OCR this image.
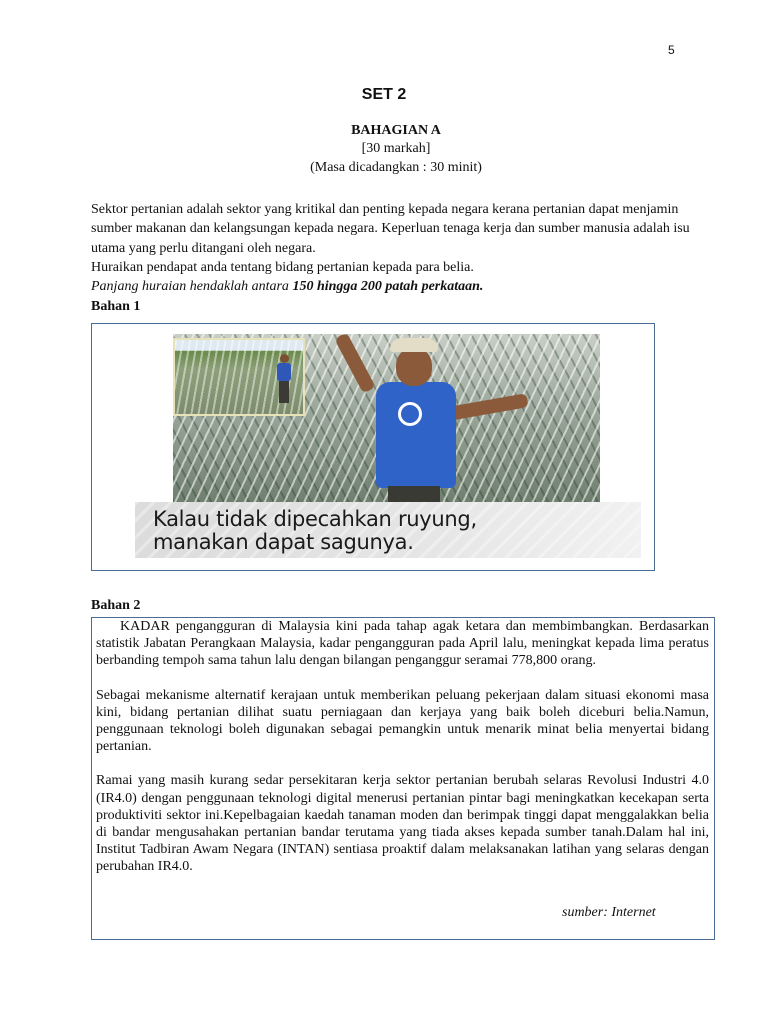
5
SET 2
BAHAGIAN A
[30 markah]
(Masa dicadangkan : 30 minit)

Sektor pertanian adalah sektor yang kritikal dan penting kepada negara kerana pertanian dapat menjamin sumber makanan dan kelangsungan kepada negara. Keperluan tenaga kerja dan sumber manusia adalah isu utama yang perlu ditangani oleh negara.

Huraikan pendapat anda tentang bidang pertanian kepada para belia.

Panjang huraian hendaklah antara 150 hingga 200 patah perkataan.

Bahan 1
Kalau tidak dipecahkan ruyung,
manakan dapat sagunya.
Bahan 2

KADAR pengangguran di Malaysia kini pada tahap agak ketara dan membimbangkan. Berdasarkan statistik Jabatan Perangkaan Malaysia, kadar pengangguran pada April lalu, meningkat kepada lima peratus berbanding tempoh sama tahun lalu dengan bilangan penganggur seramai 778,800 orang.

Sebagai mekanisme alternatif kerajaan untuk memberikan peluang pekerjaan dalam situasi ekonomi masa kini, bidang pertanian dilihat suatu perniagaan dan kerjaya yang baik boleh diceburi belia.Namun, penggunaan teknologi boleh digunakan sebagai pemangkin untuk menarik minat belia menyertai bidang pertanian.

Ramai yang masih kurang sedar persekitaran kerja sektor pertanian berubah selaras Revolusi Industri 4.0 (IR4.0) dengan penggunaan teknologi digital menerusi pertanian pintar bagi meningkatkan kecekapan serta produktiviti sektor ini.Kepelbagaian kaedah tanaman moden dan berimpak tinggi dapat menggalakkan belia di bandar mengusahakan pertanian bandar terutama yang tiada akses kepada sumber tanah.Dalam hal ini, Institut Tadbiran Awam Negara (INTAN) sentiasa proaktif dalam melaksanakan latihan yang selaras dengan perubahan IR4.0.

sumber: Internet
